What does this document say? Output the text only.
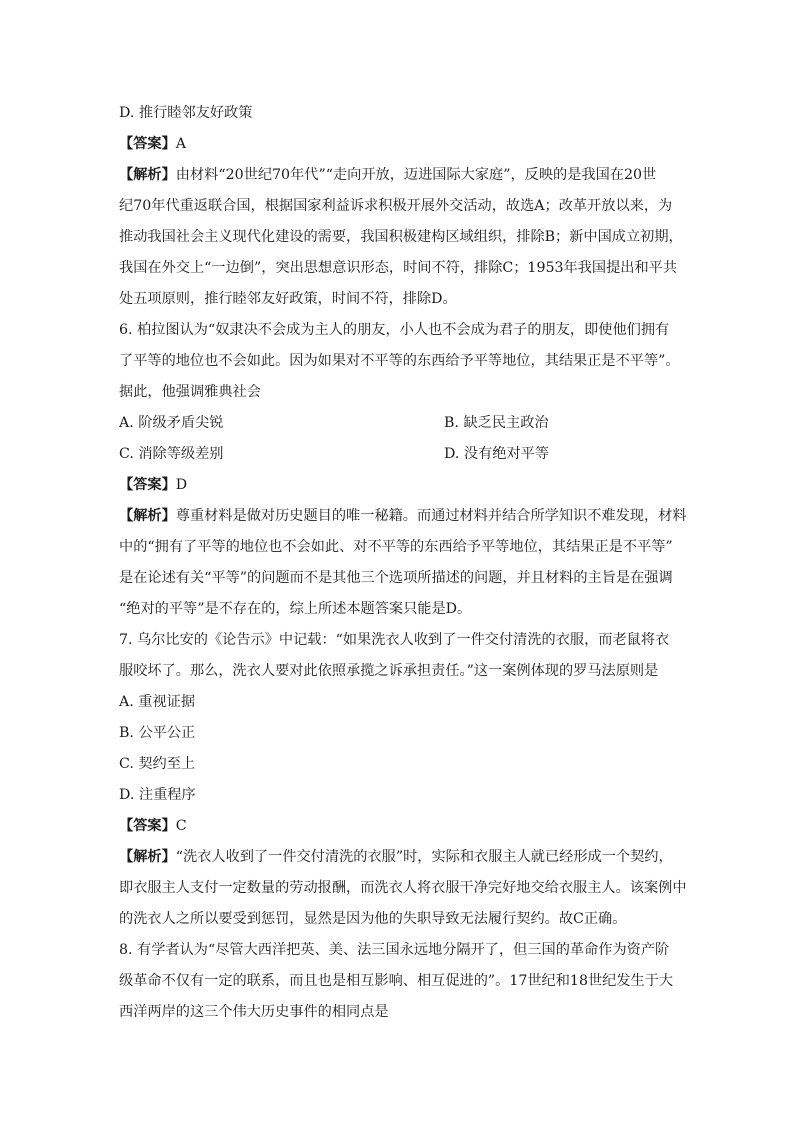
D. 推行睦邻友好政策
【答案】A
【解析】由材料“20世纪70年代”“走向开放，迈进国际大家庭”，反映的是我国在20世
纪70年代重返联合国，根据国家利益诉求积极开展外交活动，故选A；改革开放以来，为
推动我国社会主义现代化建设的需要，我国积极建构区域组织，排除B；新中国成立初期，
我国在外交上“一边倒”，突出思想意识形态，时间不符，排除C；1953年我国提出和平共
处五项原则，推行睦邻友好政策，时间不符，排除D。
6. 柏拉图认为“奴隶决不会成为主人的朋友，小人也不会成为君子的朋友，即使他们拥有
了平等的地位也不会如此。因为如果对不平等的东西给予平等地位，其结果正是不平等”。
据此，他强调雅典社会
A. 阶级矛盾尖锐	B. 缺乏民主政治
C. 消除等级差别	D. 没有绝对平等
【答案】D
【解析】尊重材料是做对历史题目的唯一秘籍。而通过材料并结合所学知识不难发现，材料
中的“拥有了平等的地位也不会如此、对不平等的东西给予平等地位，其结果正是不平等”
是在论述有关“平等”的问题而不是其他三个选项所描述的问题，并且材料的主旨是在强调
“绝对的平等”是不存在的，综上所述本题答案只能是D。
7. 乌尔比安的《论告示》中记载：“如果洗衣人收到了一件交付清洗的衣服，而老鼠将衣
服咬坏了。那么，洗衣人要对此依照承揽之诉承担责任。”这一案例体现的罗马法原则是
A. 重视证据
B. 公平公正
C. 契约至上
D. 注重程序
【答案】C
【解析】“洗衣人收到了一件交付清洗的衣服”时，实际和衣服主人就已经形成一个契约，
即衣服主人支付一定数量的劳动报酬，而洗衣人将衣服干净完好地交给衣服主人。该案例中
的洗衣人之所以要受到惩罚，显然是因为他的失职导致无法履行契约。故C正确。
8. 有学者认为“尽管大西洋把英、美、法三国永远地分隔开了，但三国的革命作为资产阶
级革命不仅有一定的联系，而且也是相互影响、相互促进的”。17世纪和18世纪发生于大
西洋两岸的这三个伟大历史事件的相同点是
